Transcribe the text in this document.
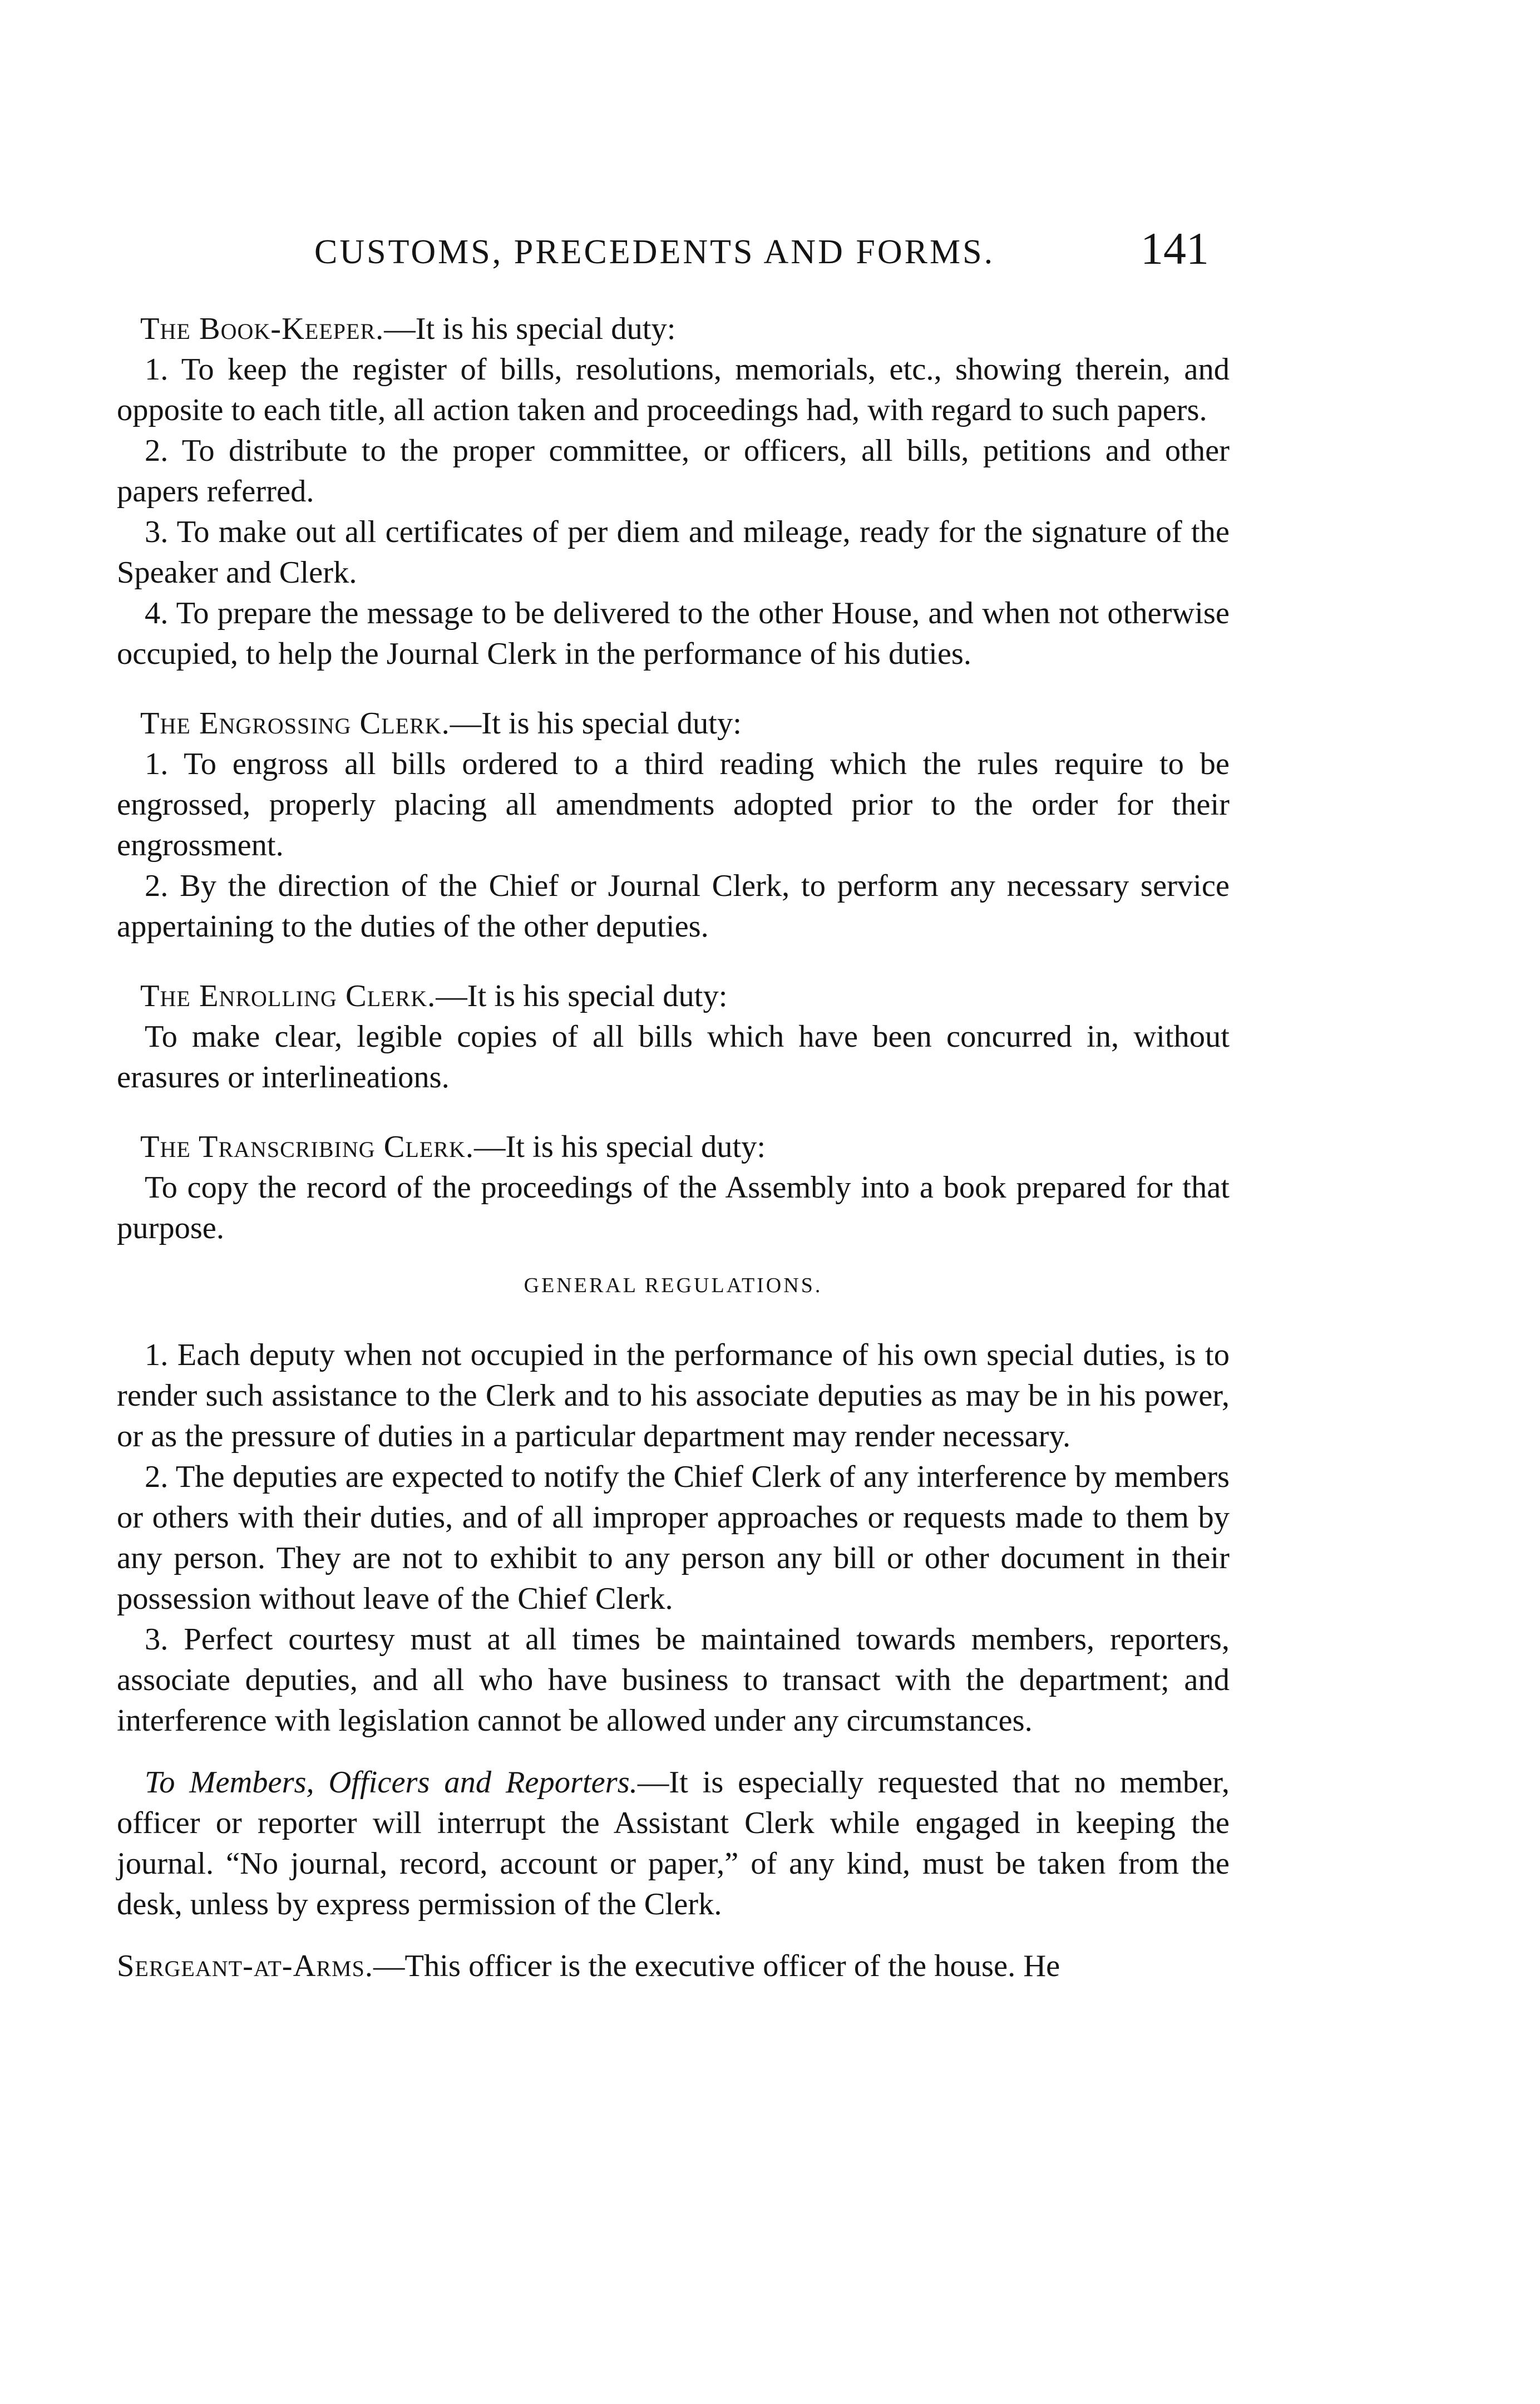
CUSTOMS, PRECEDENTS AND FORMS.	141

The Book-Keeper.—It is his special duty:

1. To keep the register of bills, resolutions, memorials, etc., showing therein, and opposite to each title, all action taken and proceedings had, with regard to such papers.

2. To distribute to the proper committee, or officers, all bills, petitions and other papers referred.

3. To make out all certificates of per diem and mileage, ready for the signature of the Speaker and Clerk.

4. To prepare the message to be delivered to the other House, and when not otherwise occupied, to help the Journal Clerk in the performance of his duties.

The Engrossing Clerk.—It is his special duty:

1. To engross all bills ordered to a third reading which the rules require to be engrossed, properly placing all amendments adopted prior to the order for their engrossment.

2. By the direction of the Chief or Journal Clerk, to perform any necessary service appertaining to the duties of the other deputies.

The Enrolling Clerk.—It is his special duty:

To make clear, legible copies of all bills which have been concurred in, without erasures or interlineations.

The Transcribing Clerk.—It is his special duty:

To copy the record of the proceedings of the Assembly into a book prepared for that purpose.

GENERAL REGULATIONS.

1. Each deputy when not occupied in the performance of his own special duties, is to render such assistance to the Clerk and to his associate deputies as may be in his power, or as the pressure of duties in a particular department may render necessary.

2. The deputies are expected to notify the Chief Clerk of any interference by members or others with their duties, and of all improper approaches or requests made to them by any person. They are not to exhibit to any person any bill or other document in their possession without leave of the Chief Clerk.

3. Perfect courtesy must at all times be maintained towards members, reporters, associate deputies, and all who have business to transact with the department; and interference with legislation cannot be allowed under any circumstances.

To Members, Officers and Reporters.—It is especially requested that no member, officer or reporter will interrupt the Assistant Clerk while engaged in keeping the journal. “No journal, record, account or paper,” of any kind, must be taken from the desk, unless by express permission of the Clerk.

Sergeant-at-Arms.—This officer is the executive officer of the house. He
